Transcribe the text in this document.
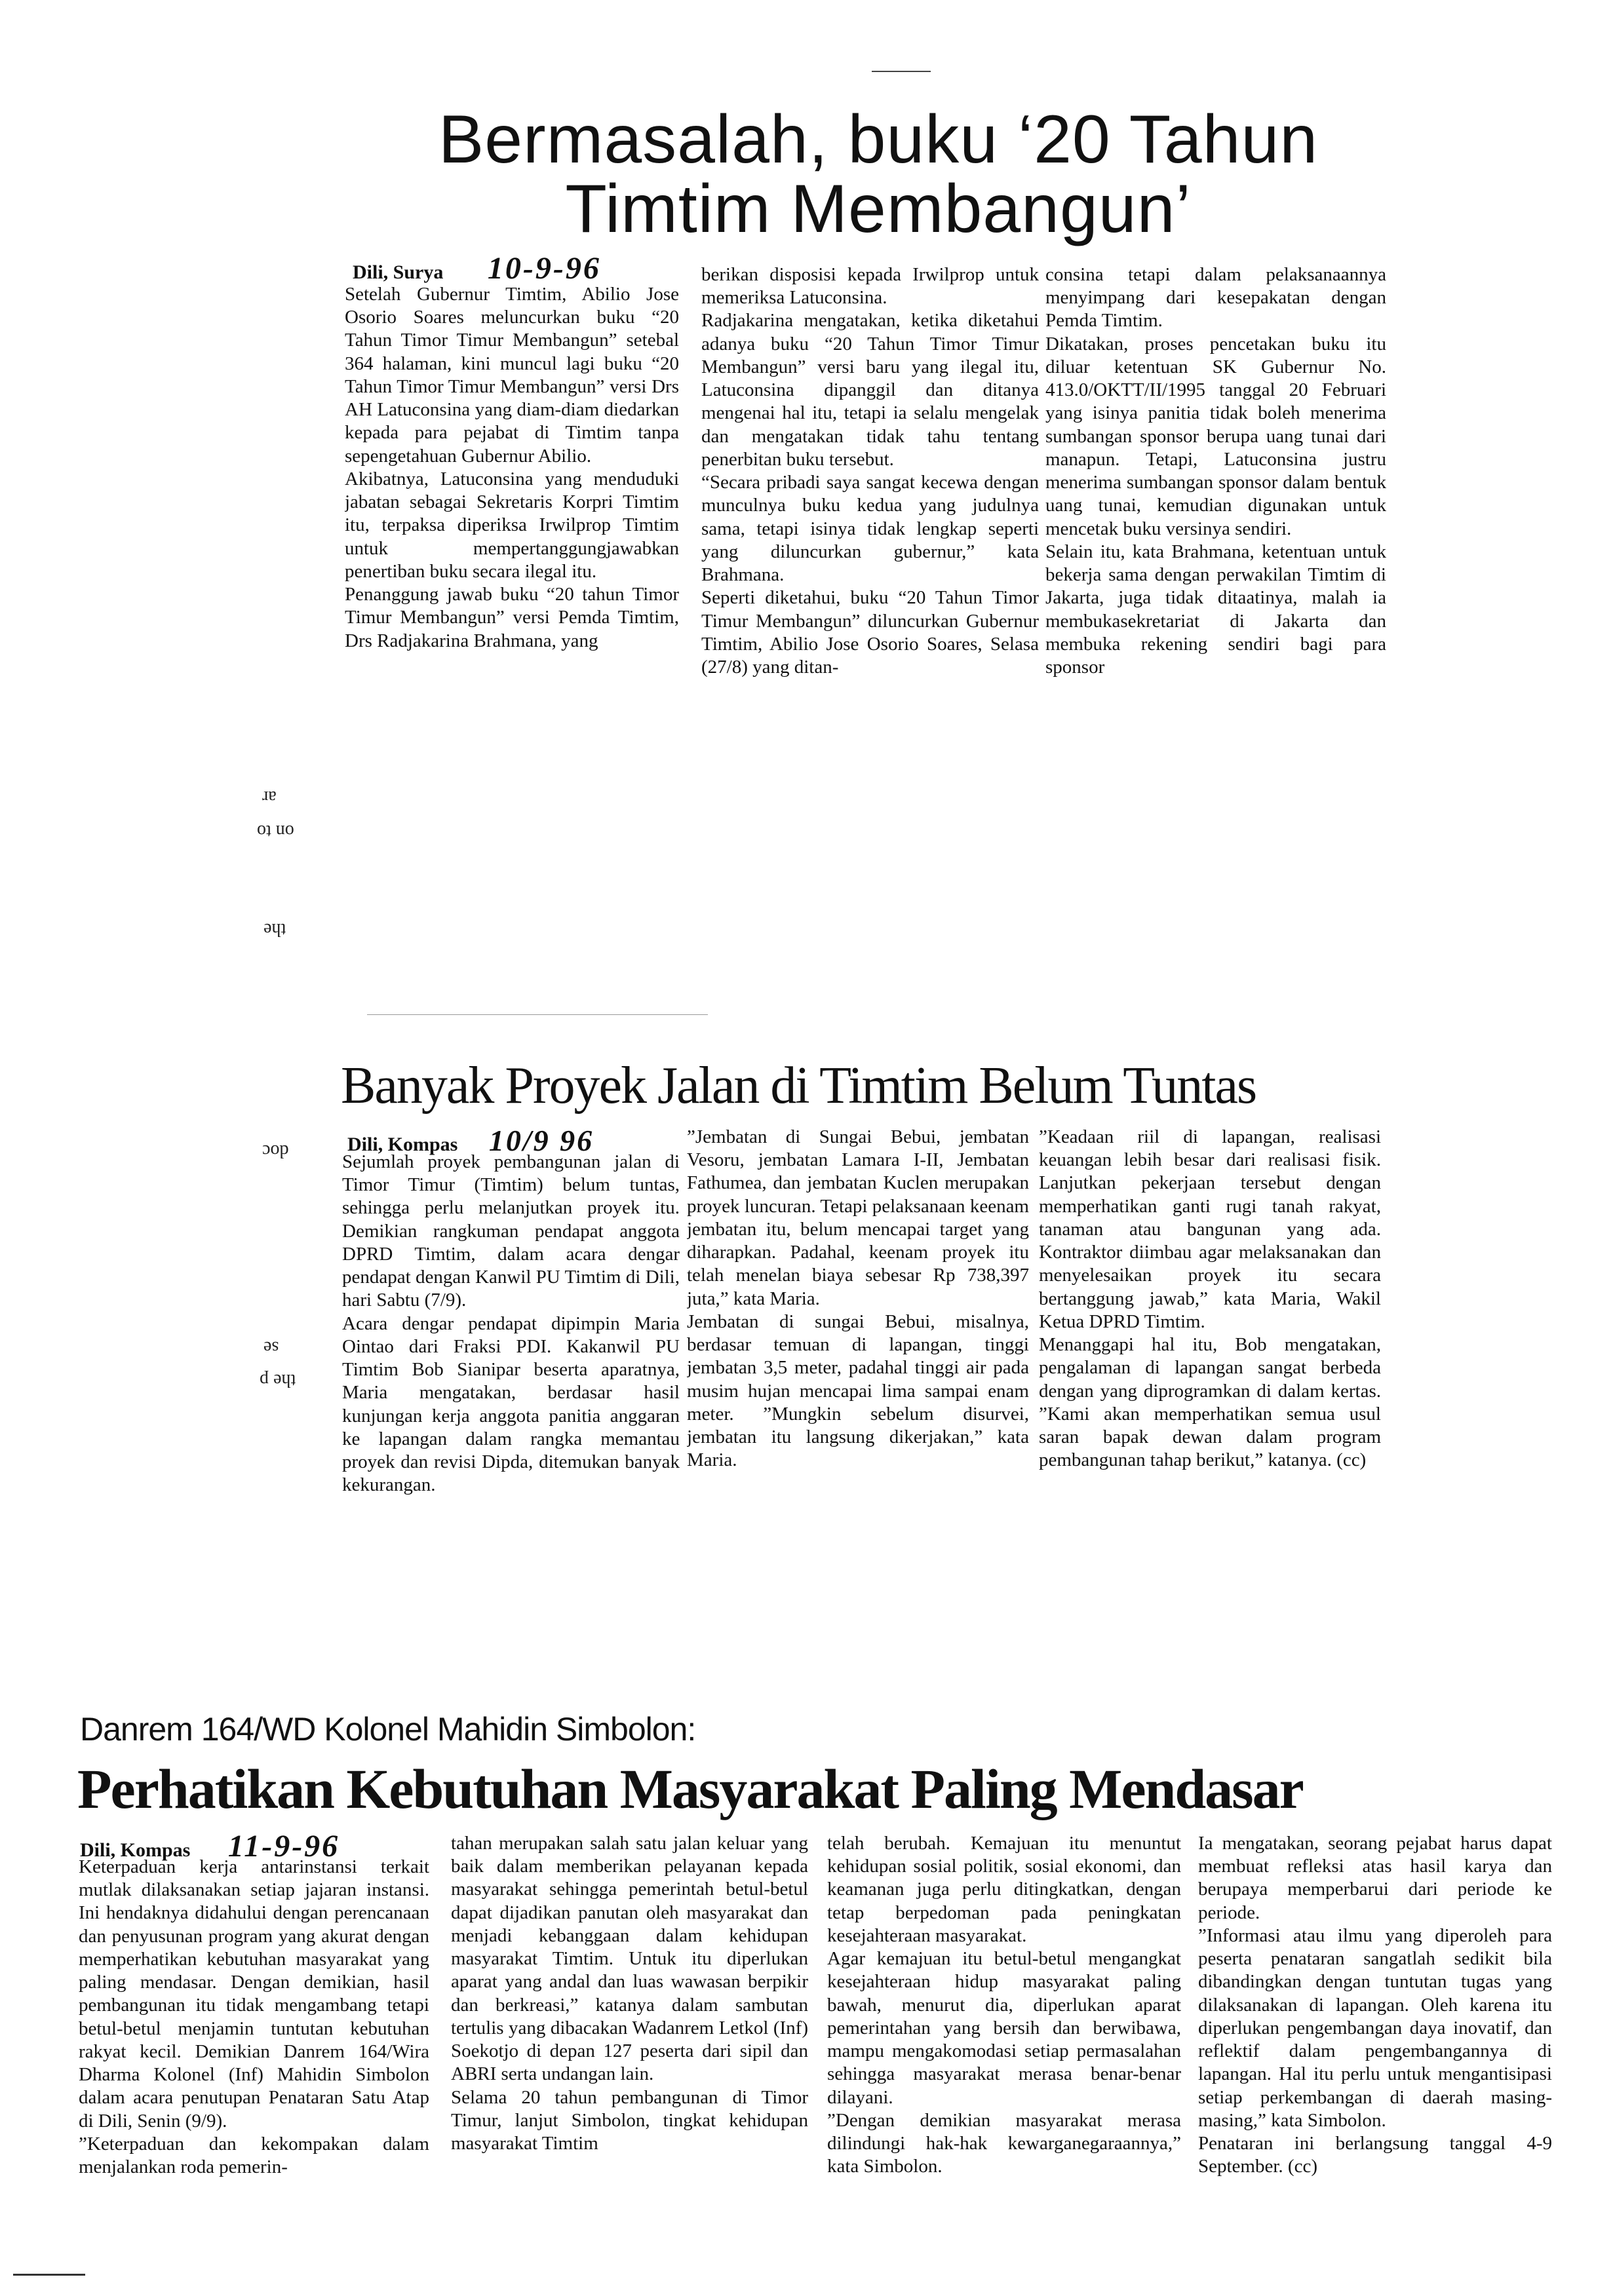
Bermasalah, buku ‘20 Tahun
Timtim Membangun’
Dili, Surya 10-9-96
Setelah Gubernur Timtim, Abilio Jose Osorio Soares meluncurkan buku “20 Tahun Timor Timur Membangun” setebal 364 halaman, kini muncul lagi buku “20 Tahun Timor Timur Membangun” versi Drs AH Latuconsina yang diam-diam diedarkan kepada para pejabat di Timtim tanpa sepengetahuan Gubernur Abilio.
Akibatnya, Latuconsina yang menduduki jabatan sebagai Sekretaris Korpri Timtim itu, terpaksa diperiksa Irwilprop Timtim untuk mempertanggungjawabkan penertiban buku secara ilegal itu.
Penanggung jawab buku “20 tahun Timor Timur Membangun” versi Pemda Timtim, Drs Radjakarina Brahmana, yang
berikan disposisi kepada Irwilprop untuk memeriksa Latuconsina.
Radjakarina mengatakan, ketika diketahui adanya buku “20 Tahun Timor Timur Membangun” versi baru yang ilegal itu, Latuconsina dipanggil dan ditanya mengenai hal itu, tetapi ia selalu mengelak dan mengatakan tidak tahu tentang penerbitan buku tersebut.
“Secara pribadi saya sangat kecewa dengan munculnya buku kedua yang judulnya sama, tetapi isinya tidak lengkap seperti yang diluncurkan gubernur,” kata Brahmana.
Seperti diketahui, buku “20 Tahun Timor Timur Membangun” diluncurkan Gubernur Timtim, Abilio Jose Osorio Soares, Selasa (27/8) yang ditan-
consina tetapi dalam pelaksanaannya menyimpang dari kesepakatan dengan Pemda Timtim.
Dikatakan, proses pencetakan buku itu diluar ketentuan SK Gubernur No. 413.0/OKTT/II/1995 tanggal 20 Februari yang isinya panitia tidak boleh menerima sumbangan sponsor berupa uang tunai dari manapun. Tetapi, Latuconsina justru menerima sumbangan sponsor dalam bentuk uang tunai, kemudian digunakan untuk mencetak buku versinya sendiri.
Selain itu, kata Brahmana, ketentuan untuk bekerja sama dengan perwakilan Timtim di Jakarta, juga tidak ditaatinya, malah ia membukasekretariat di Jakarta dan membuka rekening sendiri bagi para sponsor
ar
on to
the
doc
se
the p
Banyak Proyek Jalan di Timtim Belum Tuntas
Dili, Kompas 10/9 96
Sejumlah proyek pembangunan jalan di Timor Timur (Timtim) belum tuntas, sehingga perlu melanjutkan proyek itu. Demikian rangkuman pendapat anggota DPRD Timtim, dalam acara dengar pendapat dengan Kanwil PU Timtim di Dili, hari Sabtu (7/9).
Acara dengar pendapat dipimpin Maria Ointao dari Fraksi PDI. Kakanwil PU Timtim Bob Sianipar beserta aparatnya, Maria mengatakan, berdasar hasil kunjungan kerja anggota panitia anggaran ke lapangan dalam rangka memantau proyek dan revisi Dipda, ditemukan banyak kekurangan.
”Jembatan di Sungai Bebui, jembatan Vesoru, jembatan Lamara I-II, Jembatan Fathumea, dan jembatan Kuclen merupakan proyek luncuran. Tetapi pelaksanaan keenam jembatan itu, belum mencapai target yang diharapkan. Padahal, keenam proyek itu telah menelan biaya sebesar Rp 738,397 juta,” kata Maria.
Jembatan di sungai Bebui, misalnya, berdasar temuan di lapangan, tinggi jembatan 3,5 meter, padahal tinggi air pada musim hujan mencapai lima sampai enam meter. ”Mungkin sebelum disurvei, jembatan itu langsung dikerjakan,” kata Maria.
”Keadaan riil di lapangan, realisasi keuangan lebih besar dari realisasi fisik. Lanjutkan pekerjaan tersebut dengan memperhatikan ganti rugi tanah rakyat, tanaman atau bangunan yang ada. Kontraktor diimbau agar melaksanakan dan menyelesaikan proyek itu secara bertanggung jawab,” kata Maria, Wakil Ketua DPRD Timtim.
Menanggapi hal itu, Bob mengatakan, pengalaman di lapangan sangat berbeda dengan yang diprogramkan di dalam kertas. ”Kami akan memperhatikan semua usul saran bapak dewan dalam program pembangunan tahap berikut,” katanya. (cc)
Danrem 164/WD Kolonel Mahidin Simbolon:
Perhatikan Kebutuhan Masyarakat Paling Mendasar
Dili, Kompas 11-9-96
Keterpaduan kerja antarinstansi terkait mutlak dilaksanakan setiap jajaran instansi. Ini hendaknya didahului dengan perencanaan dan penyusunan program yang akurat dengan memperhatikan kebutuhan masyarakat yang paling mendasar. Dengan demikian, hasil pembangunan itu tidak mengambang tetapi betul-betul menjamin tuntutan kebutuhan rakyat kecil. Demikian Danrem 164/Wira Dharma Kolonel (Inf) Mahidin Simbolon dalam acara penutupan Penataran Satu Atap di Dili, Senin (9/9).
”Keterpaduan dan kekompakan dalam menjalankan roda pemerin-
tahan merupakan salah satu jalan keluar yang baik dalam memberikan pelayanan kepada masyarakat sehingga pemerintah betul-betul dapat dijadikan panutan oleh masyarakat dan menjadi kebanggaan dalam kehidupan masyarakat Timtim. Untuk itu diperlukan aparat yang andal dan luas wawasan berpikir dan berkreasi,” katanya dalam sambutan tertulis yang dibacakan Wadanrem Letkol (Inf) Soekotjo di depan 127 peserta dari sipil dan ABRI serta undangan lain.
Selama 20 tahun pembangunan di Timor Timur, lanjut Simbolon, tingkat kehidupan masyarakat Timtim
telah berubah. Kemajuan itu menuntut kehidupan sosial politik, sosial ekonomi, dan keamanan juga perlu ditingkatkan, dengan tetap berpedoman pada peningkatan kesejahteraan masyarakat.
Agar kemajuan itu betul-betul mengangkat kesejahteraan hidup masyarakat paling bawah, menurut dia, diperlukan aparat pemerintahan yang bersih dan berwibawa, mampu mengakomodasi setiap permasalahan sehingga masyarakat merasa benar-benar dilayani.
”Dengan demikian masyarakat merasa dilindungi hak-hak kewarganegaraannya,” kata Simbolon.
Ia mengatakan, seorang pejabat harus dapat membuat refleksi atas hasil karya dan berupaya memperbarui dari periode ke periode.
”Informasi atau ilmu yang diperoleh para peserta penataran sangatlah sedikit bila dibandingkan dengan tuntutan tugas yang dilaksanakan di lapangan. Oleh karena itu diperlukan pengembangan daya inovatif, dan reflektif dalam pengembangannya di lapangan. Hal itu perlu untuk mengantisipasi setiap perkembangan di daerah masing-masing,” kata Simbolon.
Penataran ini berlangsung tanggal 4-9 September. (cc)
